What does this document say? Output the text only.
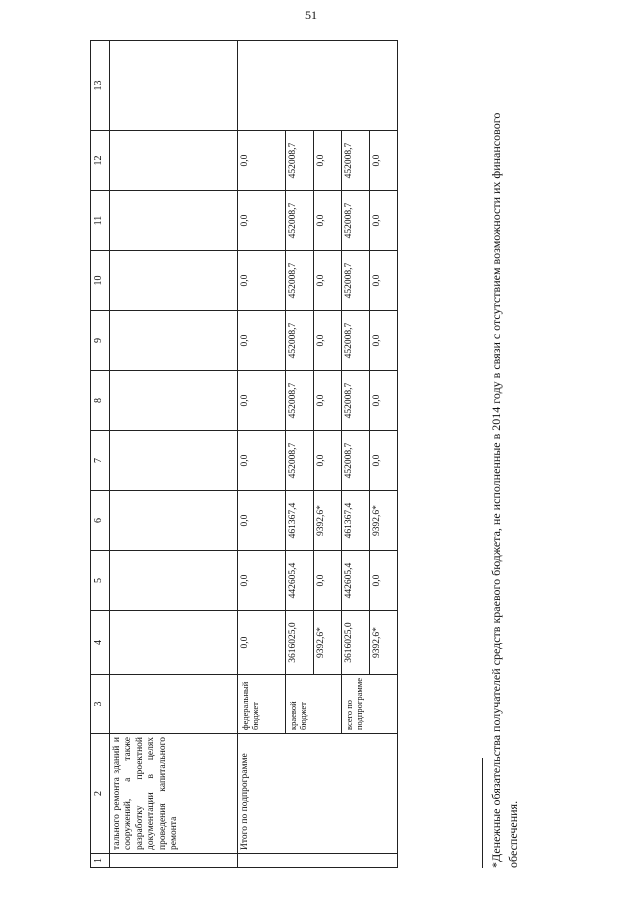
51
1	2	3	4	5	6	7	8	9	10	11	12	13
	тального ремонта зданий и сооружений, а также разработку проектной документации в целях проведения капитального ремонта											
	Итого по подпрограмме	федеральный бюджет	0,0	0,0	0,0	0,0	0,0	0,0	0,0	0,0	0,0	
		краевой бюджет	3616025,0	442605,4	461367,4	452008,7	452008,7	452008,7	452008,7	452008,7	452008,7	
			9392,6*	0,0	9392,6*	0,0	0,0	0,0	0,0	0,0	0,0	
		всего по подпрограмме	3616025,0	442605,4	461367,4	452008,7	452008,7	452008,7	452008,7	452008,7	452008,7	
			9392,6*	0,0	9392,6*	0,0	0,0	0,0	0,0	0,0	0,0		*Денежные обязательства получателей средств краевого бюджета, не исполненные в 2014 году в связи с отсутствием возможности их финансового обеспечения.
